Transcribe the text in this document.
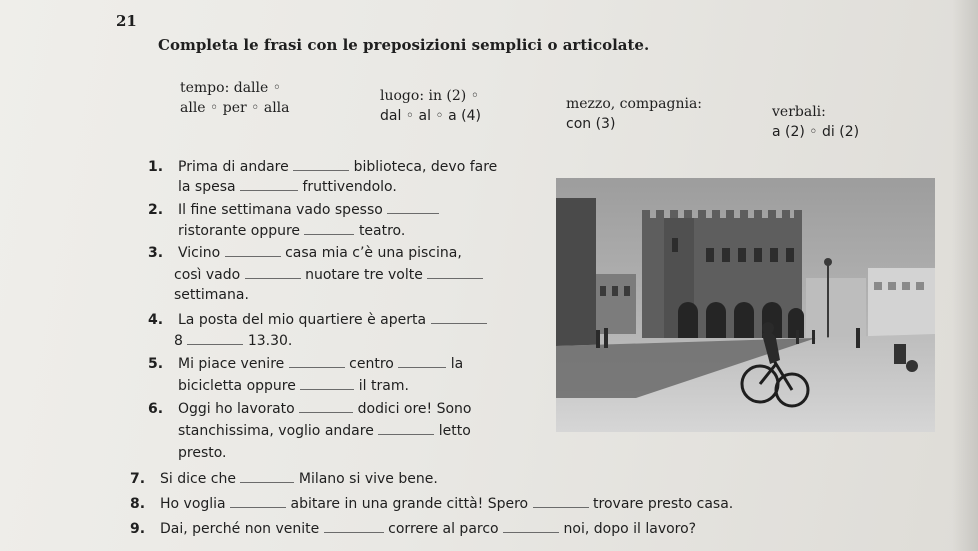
21
Completa le frasi con le preposizioni semplici o articolate.
tempo: dalle ◦
alle ◦ per ◦ alla
luogo: in (2) ◦
dal ◦ al ◦ a (4)
mezzo, compagnia:
con (3)
verbali:
a (2) ◦ di (2)
1. Prima di andare	biblioteca, devo fare
la spesa	fruttivendolo.
2. Il fine settimana vado spesso
ristorante oppure	teatro.
3. Vicino	casa mia c’è una piscina,
così vado	nuotare tre volte
settimana.
4. La posta del mio quartiere è aperta
8	13.30.
5. Mi piace venire	centro	la
bicicletta oppure	il tram.
6. Oggi ho lavorato	dodici ore! Sono
stanchissima, voglio andare	letto
presto.
7. Si dice che	Milano si vive bene.
8. Ho voglia	abitare in una grande città! Spero	trovare presto casa.
9. Dai, perché non venite	correre al parco	noi, dopo il lavoro?
